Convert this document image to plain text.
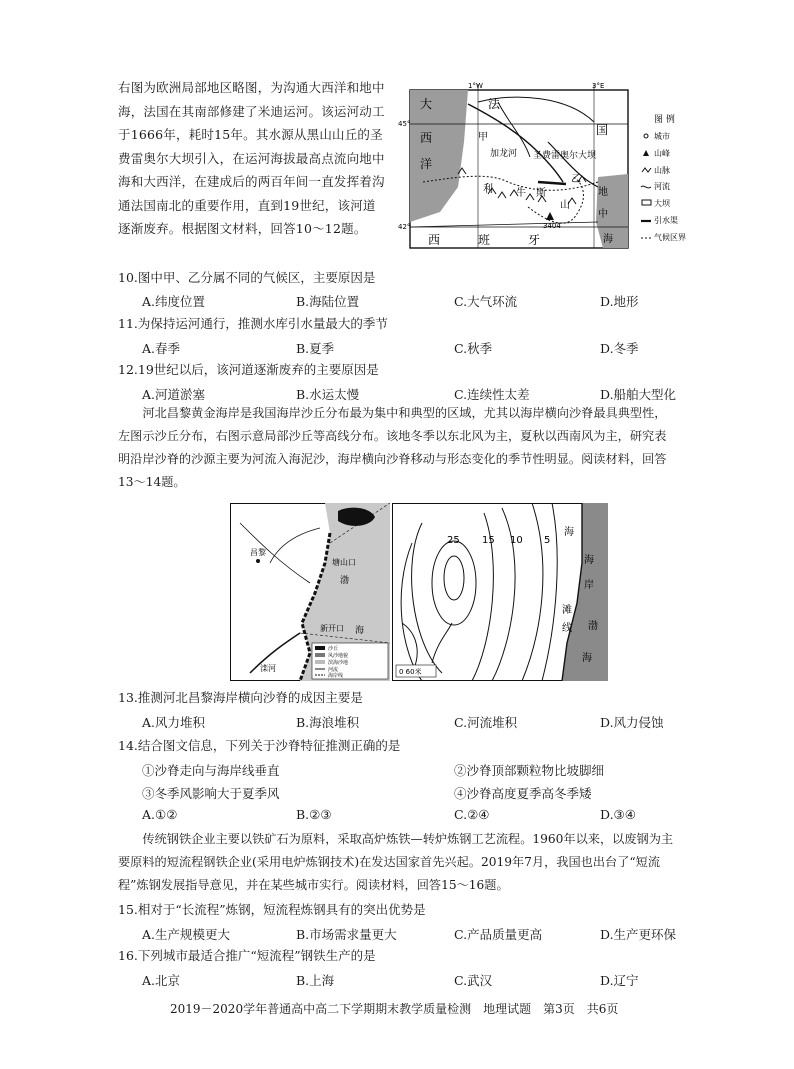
右图为欧洲局部地区略图，为沟通大西洋和地中海，法国在其南部修建了米迪运河。该运河动工于1666年，耗时15年。其水源从黑山山丘的圣费雷奥尔大坝引入，在运河海拔最高点流向地中海和大西洋，在建成后的两百年间一直发挥着沟通法国南北的重要作用，直到19世纪，该河道逐渐废弃。根据图文材料，回答10～12题。
大	法
西
洋
甲
加龙河 圣费雷奥尔大坝
乙
国
地
中
海
利 牛 斯
山
3404
西	班	牙
1°W	3°E
45°
42°
图 例
城市
山峰
山脉
河流
大坝
引水渠
气候区界
10.图中甲、乙分属不同的气候区，主要原因是
A.纬度位置	B.海陆位置	C.大气环流	D.地形
11.为保持运河通行，推测水库引水量最大的季节
A.春季	B.夏季	C.秋季	D.冬季
12.19世纪以后，该河道逐渐废弃的主要原因是
A.河道淤塞	B.水运太慢	C.连续性太差	D.船舶大型化
河北昌黎黄金海岸是我国海岸沙丘分布最为集中和典型的区域，尤其以海岸横向沙脊最具典型性，左图示沙丘分布，右图示意局部沙丘等高线分布。该地冬季以东北风为主，夏秋以西南风为主，研究表明沿岸沙脊的沙源主要为河流入海泥沙，海岸横向沙脊移动与形态变化的季节性明显。阅读材料，回答13～14题。
昌黎
塘山口
渤
海
新开口
滦河
沙丘
风沙地貌
滨海沙地
河流
海岸线
25 15 10 5
海
海
岸
滩
线 渤
海
0 60米
13.推测河北昌黎海岸横向沙脊的成因主要是
A.风力堆积	B.海浪堆积	C.河流堆积	D.风力侵蚀
14.结合图文信息，下列关于沙脊特征推测正确的是
①沙脊走向与海岸线垂直	②沙脊顶部颗粒物比坡脚细
③冬季风影响大于夏季风	④沙脊高度夏季高冬季矮
A.①②	B.②③	C.②④	D.③④
传统钢铁企业主要以铁矿石为原料，采取高炉炼铁—转炉炼钢工艺流程。1960年以来，以废钢为主要原料的短流程钢铁企业(采用电炉炼钢技术)在发达国家首先兴起。2019年7月，我国也出台了“短流程”炼钢发展指导意见，并在某些城市实行。阅读材料，回答15～16题。
15.相对于“长流程”炼钢，短流程炼钢具有的突出优势是
A.生产规模更大	B.市场需求量更大	C.产品质量更高	D.生产更环保
16.下列城市最适合推广“短流程”钢铁生产的是
A.北京	B.上海	C.武汉	D.辽宁
2019－2020学年普通高中高二下学期期末教学质量检测　地理试题　第3页　共6页
